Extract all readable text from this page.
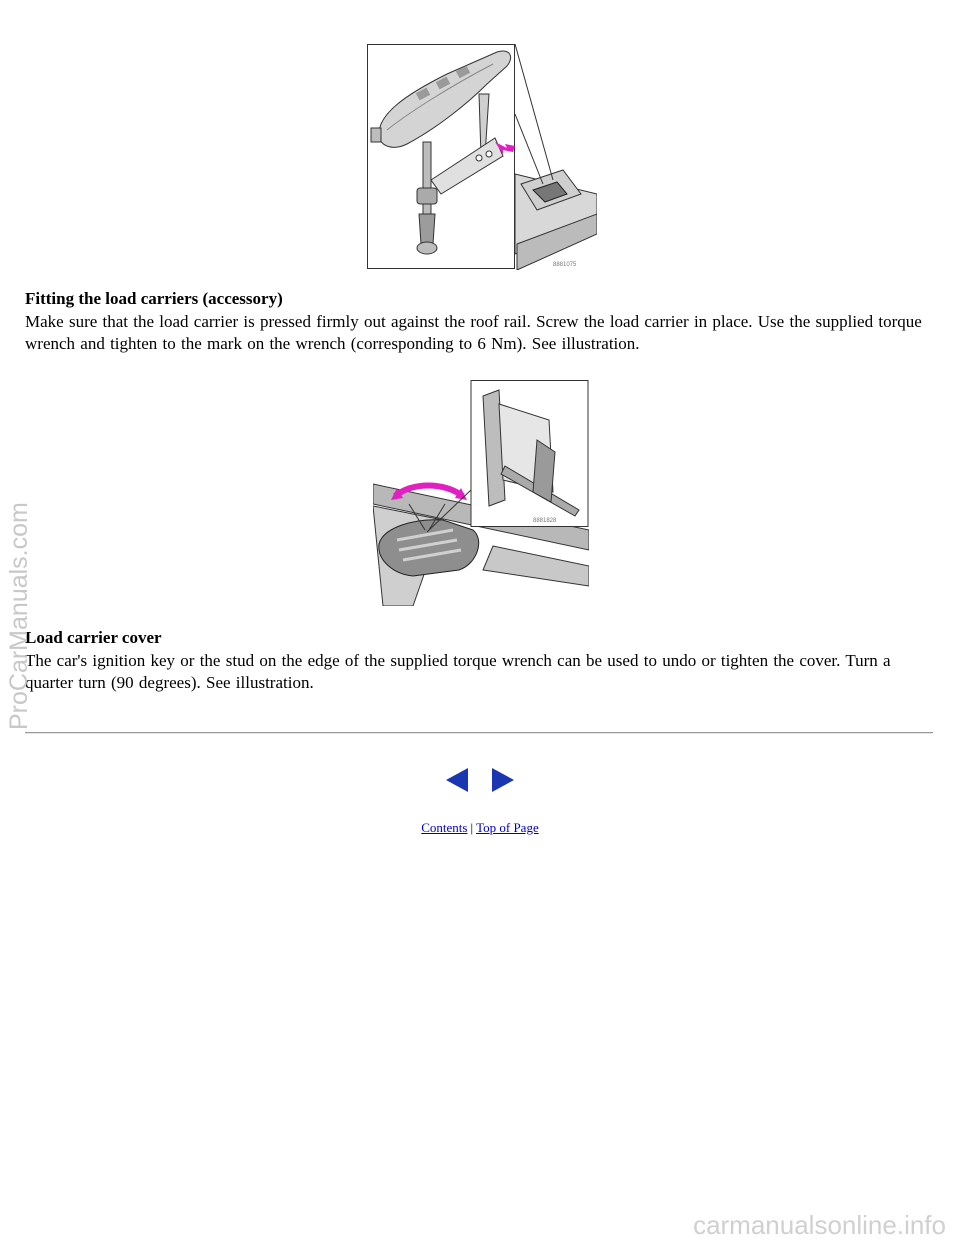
8881075
Fitting the load carriers (accessory)

Make sure that the load carrier is pressed firmly out against the roof rail. Screw the load carrier in place. Use the supplied torque wrench and tighten to the mark on the wrench (corresponding to 6 Nm). See illustration.

8881828
Load carrier cover

The car's ignition key or the stud on the edge of the supplied torque wrench can be used to undo or tighten the cover. Turn a quarter turn (90 degrees). See illustration.

Contents | Top of Page
ProCarManuals.com
carmanualsonline.info
